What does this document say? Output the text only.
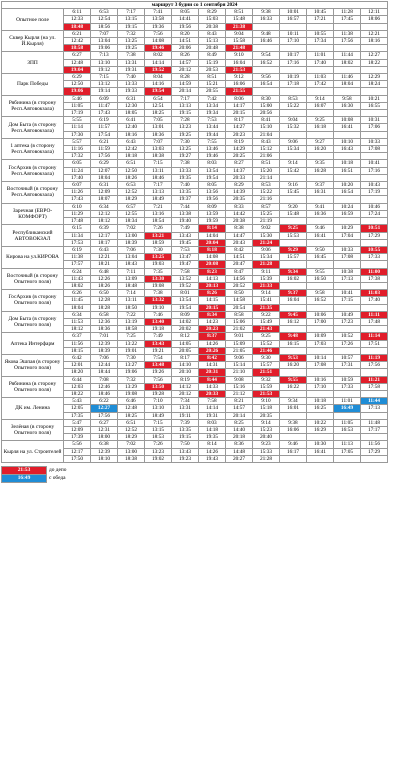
маршрут 3 будни со 1 сентября 2024												
Опытное поле	6:11	6:53	7:17	7:41	8:05	8:29	8:51	9:38	10:01	10:45	11:28	12:11
	12:33	12:54	13:15	13:58	14:41	15:03	15:48	16:33	16:57	17:21	17:45	18:06
	18:48	18:56	19:15	19:36	19:56	20:38	21:38					
Сквер Кырля (на ул. Й.Кырля)	6:21	7:07	7:32	7:56	8:20	8:43	9:04	9:48	10:11	10:55	11:38	12:21
	12:42	13:04	13:25	14:08	14:51	15:13	15:58	16:46	17:10	17:34	17:56	18:16
	18:58	19:06	19:25	19:46	20:06	20:48	21:48					
ЗПП	6:27	7:13	7:38	8:02	8:26	8:49	9:10	9:54	10:17	11:01	11:44	12:27
	12:48	13:10	13:31	14:14	14:57	15:19	16:04	16:52	17:16	17:40	18:02	18:22
	19:04	19:12	19:31	19:52	20:12	20:53	21:53					
Парк Победы	6:29	7:15	7:40	8:04	8:28	8:51	9:12	9:56	10:19	11:03	11:46	12:29
	12:50	13:12	13:33	14:16	14:59	15:21	16:06	16:54	17:18	17:42	18:04	18:24
	19:06	19:14	19:33	19:54	20:14	20:55	21:55					
Рябинина (в сторону Респ.Автовокзала)	5:46	6:09	6:31	6:54	7:17	7:42	8:06	8:30	8:53	9:14	9:58	10:21
	11:05	11:47	12:30	12:51	13:13	13:34	14:17	15:00	15:22	16:07	16:30	16:55
	17:19	17:43	18:05	18:25	19:15	19:34	20:15	20:56				
Дом Быта (в сторону Респ.Автовокзала)	5:55	6:19	6:41	7:05	7:28	7:53	8:17	8:41	9:04	9:25	10:08	10:31
	11:14	11:57	12:40	13:01	13:23	13:44	14:27	15:10	15:32	16:18	16:41	17:06
	17:30	17:54	18:16	18:36	19:25	19:44	20:23	21:04				
1 аптека (в сторону Респ.Автовокзала)	5:57	6:21	6:43	7:07	7:30	7:55	8:19	8:43	9:06	9:27	10:10	10:33
	11:16	11:59	12:42	13:03	13:25	13:46	14:29	15:12	15:34	16:20	16:43	17:08
	17:32	17:56	18:18	18:38	19:27	19:46	20:25	21:06				
ГосАрхив (в сторону Респ.Автовокзала)	6:05	6:29	6:51	7:15	7:38	8:03	8:27	8:51	9:14	9:35	10:18	10:41
	11:24	12:07	12:50	13:11	13:33	13:54	14:37	15:20	15:42	16:28	16:51	17:16
	17:40	18:04	18:26	18:46	19:35	19:54	20:33	21:14				
Восточный (в сторону Респ.Автовокзала)	6:07	6:31	6:53	7:17	7:40	8:05	8:29	8:53	9:16	9:37	10:20	10:43
	11:26	12:09	12:52	13:13	13:35	13:56	14:39	15:22	15:45	16:31	16:54	17:19
	17:43	18:07	18:29	18:49	19:37	19:56	20:35	21:16				
Заречная (ЕВРО-КОМФОРТ)	6:10	6:34	6:57	7:21	7:44	8:09	8:33	8:57	9:20	9:41	10:24	10:46
	11:29	12:12	12:55	13:16	13:38	13:59	14:42	15:25	15:48	16:36	16:59	17:24
	17:48	18:12	18:34	18:54	19:40	19:59	20:38	21:19				
Республиканский АВТОВОКЗАЛ	6:15	6:39	7:02	7:26	7:49	8:14	8:38	9:02	9:25	9:46	10:29	10:51
	11:34	12:17	13:00	13:21	13:43	14:04	14:47	15:30	15:53	16:41	17:04	17:29
	17:53	18:17	18:39	18:59	19:45	20:04	20:43	21:24				
Кирова на ул.КИРОВА	6:19	6:43	7:06	7:30	7:53	8:18	8:42	9:06	9:29	9:50	10:33	10:55
	11:38	12:21	13:04	13:25	13:47	14:08	14:51	15:34	15:57	16:45	17:08	17:33
	17:57	18:21	18:43	19:03	19:47	20:08	20:47	21:28				
Восточный (в сторону Опытного поля)	6:24	6:48	7:11	7:35	7:58	8:23	8:47	9:11	9:34	9:55	10:38	11:00
	11:43	12:26	13:09	13:30	13:52	14:13	14:56	15:39	16:02	16:50	17:13	17:38
	18:02	18:26	18:48	19:08	19:52	20:13	20:52	21:33				
ГосАрхив (в сторону Опытного поля)	6:26	6:50	7:14	7:38	8:01	8:26	8:50	9:14	9:37	9:58	10:41	11:03
	11:45	12:28	13:11	13:32	13:54	14:15	14:58	15:41	16:04	16:52	17:15	17:40
	18:04	18:28	18:50	19:10	19:54	20:15	20:54	21:35				
Дом Быта (в сторону Опытного поля)	6:34	6:58	7:22	7:46	8:09	8:34	8:58	9:22	9:45	10:06	10:49	11:11
	11:53	12:36	13:19	13:40	14:02	14:23	15:06	15:49	16:12	17:00	17:23	17:48
	18:12	18:36	18:58	19:18	20:02	20:23	21:02	21:43				
Аптека Интерфарм	6:37	7:01	7:25	7:49	8:12	8:37	9:01	9:25	9:48	10:09	10:52	11:14
	11:56	12:39	13:22	13:43	14:05	14:26	15:09	15:52	16:15	17:03	17:26	17:51
	18:15	18:39	19:01	19:21	20:05	20:26	21:05	21:46				
Якова Эшпая (в сторону Опытного поля)	6:42	7:06	7:30	7:54	8:17	8:42	9:06	9:30	9:53	10:14	10:57	11:19
	12:01	12:44	13:27	13:48	14:10	14:31	15:14	15:57	16:20	17:08	17:31	17:56
	18:20	18:44	19:06	19:26	20:10	20:31	21:10	21:51				
Рябинина (в сторону Опытного поля)	6:44	7:08	7:32	7:56	8:19	8:44	9:08	9:32	9:55	10:16	10:59	11:21
	12:03	12:46	13:29	13:50	14:12	14:33	15:16	15:59	16:22	17:10	17:33	17:58
	18:22	18:46	19:08	19:28	20:12	20:33	21:12	21:53				
ДК им. Ленина	5:43	6:22	6:46	7:10	7:34	7:58	8:21	9:10	9:34	10:18	11:01	11:44
	12:05	12:27	12:48	13:10	13:31	14:14	14:57	15:18	16:01	16:25	16:49	17:13
	17:35	17:56	18:25	18:49	19:11	19:31	20:14	20:35				
Зелёная (в сторону Опытного поля)	5:47	6:27	6:51	7:15	7:39	8:03	8:25	9:14	9:38	10:22	11:05	11:48
	12:09	12:31	12:52	13:15	13:35	14:18	14:40	15:23	16:06	16:29	16:53	17:17
	17:39	18:00	18:29	18:53	19:15	19:35	20:18	20:40				
Кырля на ул. Строителей	5:56	6:38	7:02	7:26	7:50	8:14	8:36	9:23	9:46	10:30	11:13	11:56
	12:17	12:39	13:00	13:23	13:43	14:26	14:48	15:33	16:17	16:41	17:05	17:29
	17:50	18:10	18:38	19:02	19:23	19:43	20:27	21:28				
21:53	до депо
16:49	с обеда
